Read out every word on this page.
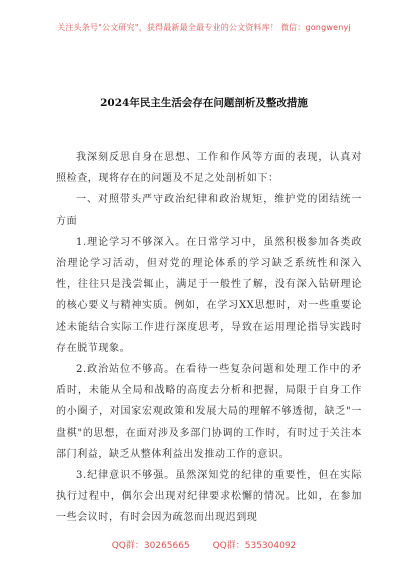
关注头条号"公文研究"，获得最新最全最专业的公文资料库！ 微信：gongwenyj
2024年民主生活会存在问题剖析及整改措施

我深刻反思自身在思想、工作和作风等方面的表现，认真对照检查，现将存在的问题及不足之处剖析如下：

一、对照带头严守政治纪律和政治规矩，维护党的团结统一方面

1.理论学习不够深入。在日常学习中，虽然积极参加各类政治理论学习活动，但对党的理论体系的学习缺乏系统性和深入性，往往只是浅尝辄止，满足于一般性了解，没有深入钻研理论的核心要义与精神实质。例如，在学习XX思想时，对一些重要论述未能结合实际工作进行深度思考，导致在运用理论指导实践时存在脱节现象。

2.政治站位不够高。在看待一些复杂问题和处理工作中的矛盾时，未能从全局和战略的高度去分析和把握，局限于自身工作的小圈子，对国家宏观政策和发展大局的理解不够透彻，缺乏"一盘棋"的思想，在面对涉及多部门协调的工作时，有时过于关注本部门利益，缺乏从整体利益出发推动工作的意识。

3.纪律意识不够强。虽然深知党的纪律的重要性，但在实际执行过程中，偶尔会出现对纪律要求松懈的情况。比如，在参加一些会议时，有时会因为疏忽而出现迟到现

QQ群：30265665	QQ群：535304092
